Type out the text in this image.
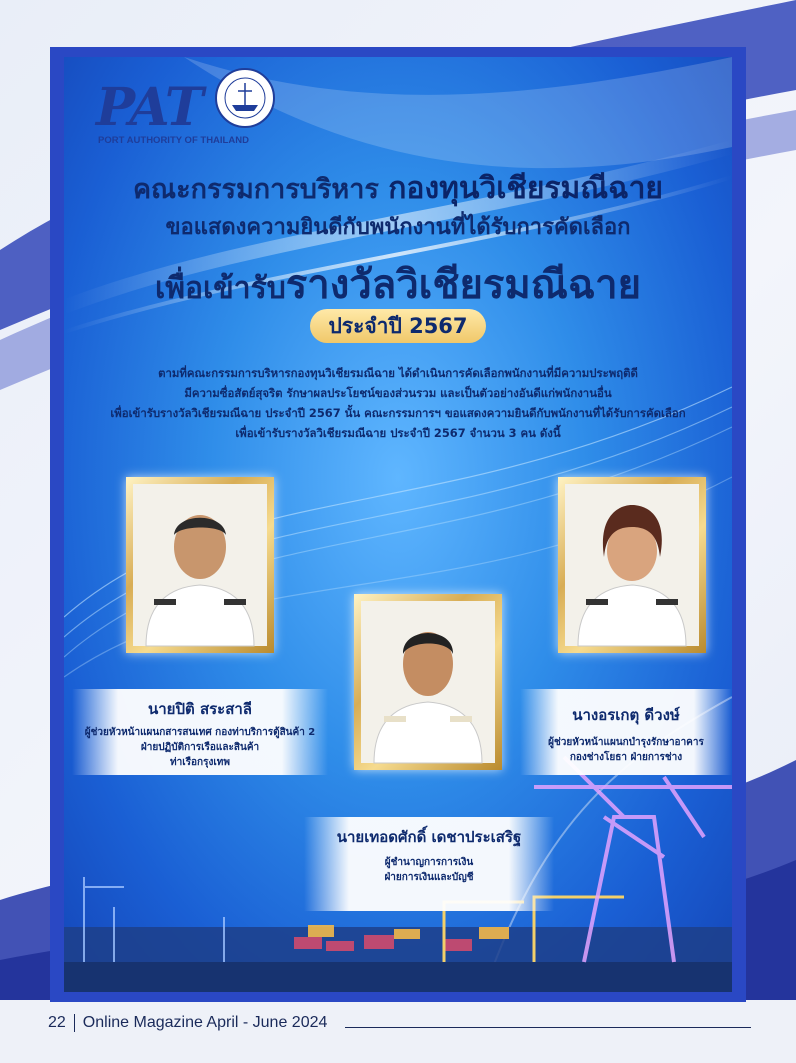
PAT
PORT AUTHORITY OF THAILAND
คณะกรรมการบริหาร กองทุนวิเชียรมณีฉาย
ขอแสดงความยินดีกับพนักงานที่ได้รับการคัดเลือก
เพื่อเข้ารับรางวัลวิเชียรมณีฉาย
ประจำปี 2567
ตามที่คณะกรรมการบริหารกองทุนวิเชียรมณีฉาย ได้ดำเนินการคัดเลือกพนักงานที่มีความประพฤติดี
มีความซื่อสัตย์สุจริต รักษาผลประโยชน์ของส่วนรวม และเป็นตัวอย่างอันดีแก่พนักงานอื่น
เพื่อเข้ารับรางวัลวิเชียรมณีฉาย ประจำปี 2567 นั้น คณะกรรมการฯ ขอแสดงความยินดีกับพนักงานที่ได้รับการคัดเลือก
เพื่อเข้ารับรางวัลวิเชียรมณีฉาย ประจำปี 2567 จำนวน 3 คน ดังนี้
นายปิติ สระสาลี
ผู้ช่วยหัวหน้าแผนกสารสนเทศ กองท่าบริการตู้สินค้า 2
ฝ่ายปฏิบัติการเรือและสินค้า
ท่าเรือกรุงเทพ
นายเทอดศักดิ์ เดชาประเสริฐ
ผู้ชำนาญการการเงิน
ฝ่ายการเงินและบัญชี
นางอรเกตุ ดีวงษ์
ผู้ช่วยหัวหน้าแผนกบำรุงรักษาอาคาร
กองช่างโยธา ฝ่ายการช่าง
22 Online Magazine April - June 2024
